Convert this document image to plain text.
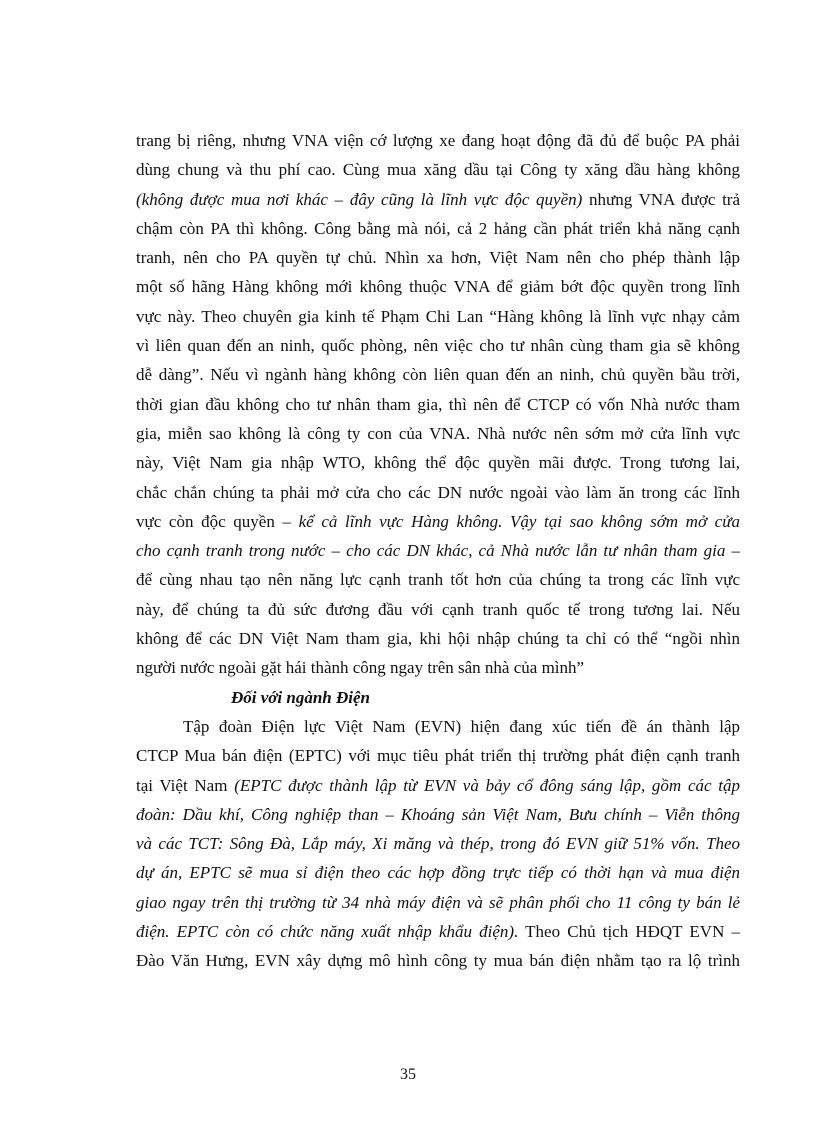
trang bị riêng, nhưng VNA viện cớ lượng xe đang hoạt động đã đủ để buộc PA phải
dùng chung và thu phí cao. Cùng mua xăng dầu tại Công ty xăng dầu hàng không
(không được mua nơi khác – đây cũng là lĩnh vực độc quyền) nhưng VNA được trả
chậm còn PA thì không. Công bằng mà nói, cả 2 hảng cần phát triển khả năng cạnh
tranh, nên cho PA quyền tự chủ. Nhìn xa hơn, Việt Nam nên cho phép thành lập
một số hãng Hàng không mới không thuộc VNA để giảm bớt độc quyền trong lĩnh
vực này. Theo chuyên gia kinh tế Phạm Chi Lan “Hàng không là lĩnh vực nhạy cảm
vì liên quan đến an ninh, quốc phòng, nên việc cho tư nhân cùng tham gia sẽ không
dễ dàng”. Nếu vì ngành hàng không còn liên quan đến an ninh, chủ quyền bầu trời,
thời gian đầu không cho tư nhân tham gia, thì nên để CTCP có vốn Nhà nước tham
gia, miễn sao không là công ty con của VNA. Nhà nước nên sớm mở cửa lĩnh vực
này, Việt Nam gia nhập WTO, không thể độc quyền mãi được. Trong tương lai,
chắc chắn chúng ta phải mở cửa cho các DN nước ngoài vào làm ăn trong các lĩnh
vực còn độc quyền – kể cả lĩnh vực Hàng không. Vậy tại sao không sớm mở cửa
cho cạnh tranh trong nước – cho các DN khác, cả Nhà nước lẫn tư nhân tham gia –
để cùng nhau tạo nên năng lực cạnh tranh tốt hơn của chúng ta trong các lĩnh vực
này, để chúng ta đủ sức đương đầu với cạnh tranh quốc tế trong tương lai. Nếu
không để các DN Việt Nam tham gia, khi hội nhập chúng ta chỉ có thể “ngồi nhìn
người nước ngoài gặt hái thành công ngay trên sân nhà của mình”
Đối với ngành Điện
Tập đoàn Điện lực Việt Nam (EVN) hiện đang xúc tiến đề án thành lập
CTCP Mua bán điện (EPTC) với mục tiêu phát triển thị trường phát điện cạnh tranh
tại Việt Nam (EPTC được thành lập từ EVN và bảy cổ đông sáng lập, gồm các tập
đoàn: Dầu khí, Công nghiệp than – Khoáng sản Việt Nam, Bưu chính – Viễn thông
và các TCT: Sông Đà, Lắp máy, Xi măng và thép, trong đó EVN giữ 51% vốn. Theo
dự án, EPTC sẽ mua sỉ điện theo các hợp đồng trực tiếp có thời hạn và mua điện
giao ngay trên thị trường từ 34 nhà máy điện và sẽ phân phối cho 11 công ty bán lẻ
điện. EPTC còn có chức năng xuất nhập khẩu điện). Theo Chủ tịch HĐQT EVN –
Đào Văn Hưng, EVN xây dựng mô hình công ty mua bán điện nhằm tạo ra lộ trình
35
